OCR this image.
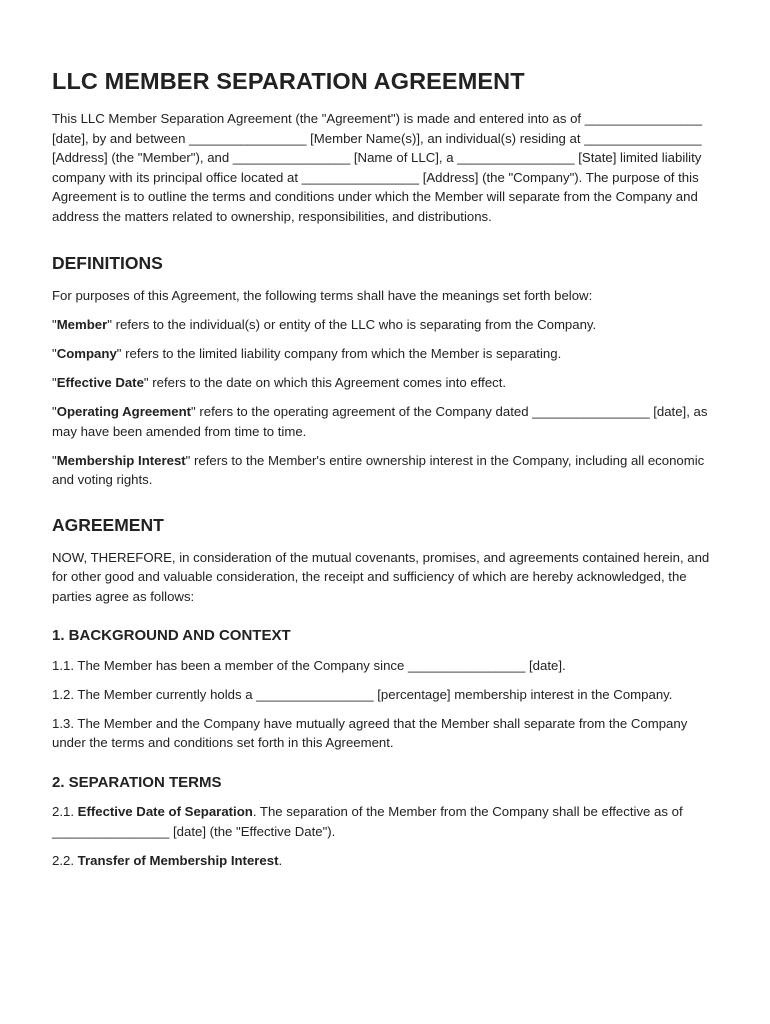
LLC MEMBER SEPARATION AGREEMENT

This LLC Member Separation Agreement (the "Agreement") is made and entered into as of ________________ [date], by and between ________________ [Member Name(s)], an individual(s) residing at ________________ [Address] (the "Member"), and ________________ [Name of LLC], a ________________ [State] limited liability company with its principal office located at ________________ [Address] (the "Company"). The purpose of this Agreement is to outline the terms and conditions under which the Member will separate from the Company and address the matters related to ownership, responsibilities, and distributions.

DEFINITIONS

For purposes of this Agreement, the following terms shall have the meanings set forth below:

"Member" refers to the individual(s) or entity of the LLC who is separating from the Company.

"Company" refers to the limited liability company from which the Member is separating.

"Effective Date" refers to the date on which this Agreement comes into effect.

"Operating Agreement" refers to the operating agreement of the Company dated ________________ [date], as may have been amended from time to time.

"Membership Interest" refers to the Member's entire ownership interest in the Company, including all economic and voting rights.

AGREEMENT

NOW, THEREFORE, in consideration of the mutual covenants, promises, and agreements contained herein, and for other good and valuable consideration, the receipt and sufficiency of which are hereby acknowledged, the parties agree as follows:

1. BACKGROUND AND CONTEXT

1.1. The Member has been a member of the Company since ________________ [date].

1.2. The Member currently holds a ________________ [percentage] membership interest in the Company.

1.3. The Member and the Company have mutually agreed that the Member shall separate from the Company under the terms and conditions set forth in this Agreement.

2. SEPARATION TERMS

2.1. Effective Date of Separation. The separation of the Member from the Company shall be effective as of ________________ [date] (the "Effective Date").

2.2. Transfer of Membership Interest.
